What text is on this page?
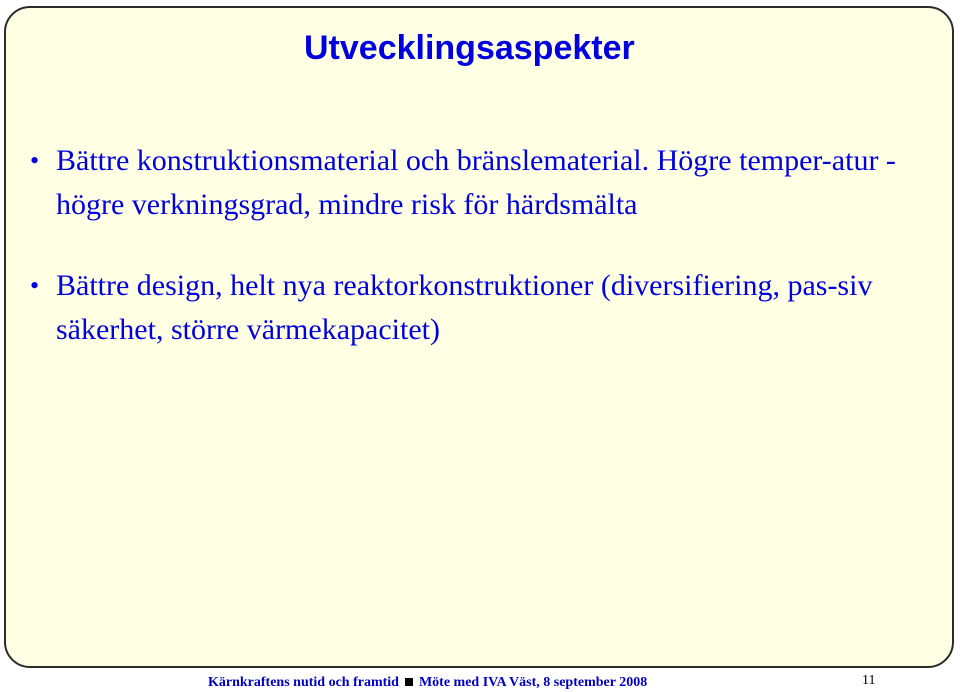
Utvecklingsaspekter
• Bättre konstruktionsmaterial och bränslematerial. Högre temper-atur - högre verkningsgrad, mindre risk för härdsmälta
• Bättre design, helt nya reaktorkonstruktioner (diversifiering, pas-siv säkerhet, större värmekapacitet)
Kärnkraftens nutid och framtid Möte med IVA Väst, 8 september 2008	11
